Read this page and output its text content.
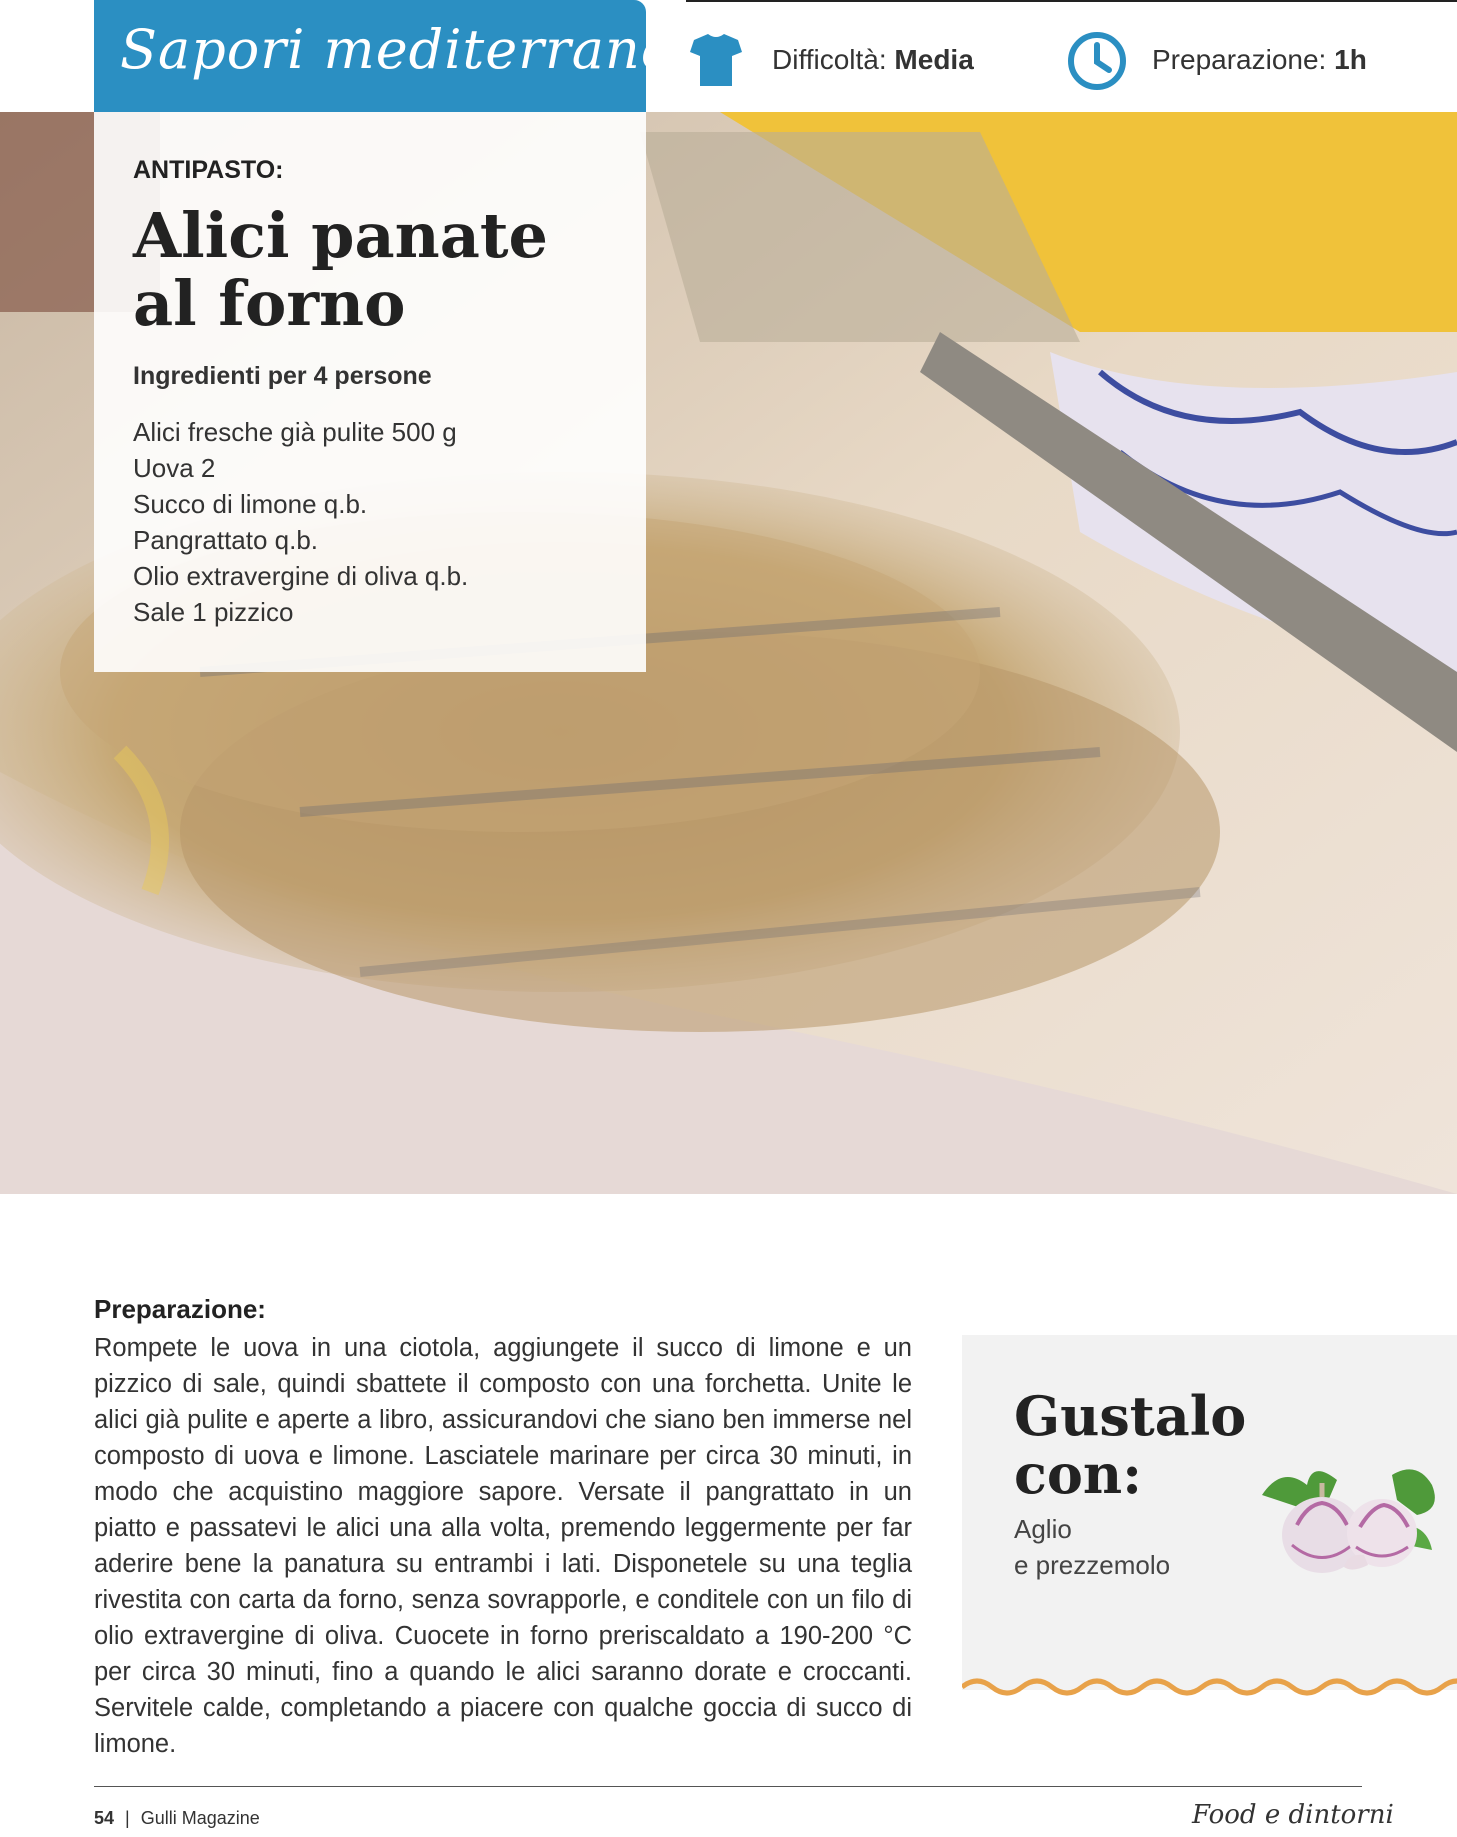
Sapori mediterranei	Difficoltà: Media	Preparazione: 1h
ANTIPASTO:
Alici panate al forno
Ingredienti per 4 persone
Alici fresche già pulite 500 g
Uova 2
Succo di limone q.b.
Pangrattato q.b.
Olio extravergine di oliva q.b.
Sale 1 pizzico
Preparazione:

Rompete le uova in una ciotola, aggiungete il succo di limone e un pizzico di sale, quindi sbattete il composto con una forchetta. Unite le alici già pulite e aperte a libro, assicurandovi che siano ben immerse nel composto di uova e limone. Lasciatele marinare per circa 30 minuti, in modo che acquistino maggiore sapore. Versate il pangrattato in un piatto e passatevi le alici una alla volta, premendo leggermente per far aderire bene la panatura su entrambi i lati. Disponetele su una teglia rivestita con carta da forno, senza sovrapporle, e conditele con un filo di olio extravergine di oliva. Cuocete in forno preriscaldato a 190-200 °C per circa 30 minuti, fino a quando le alici saranno dorate e croccanti. Servitele calde, completando a piacere con qualche goccia di succo di limone.

Gustalo
con:
Aglio
e prezzemolo
54 | Gulli Magazine	Food e dintorni
